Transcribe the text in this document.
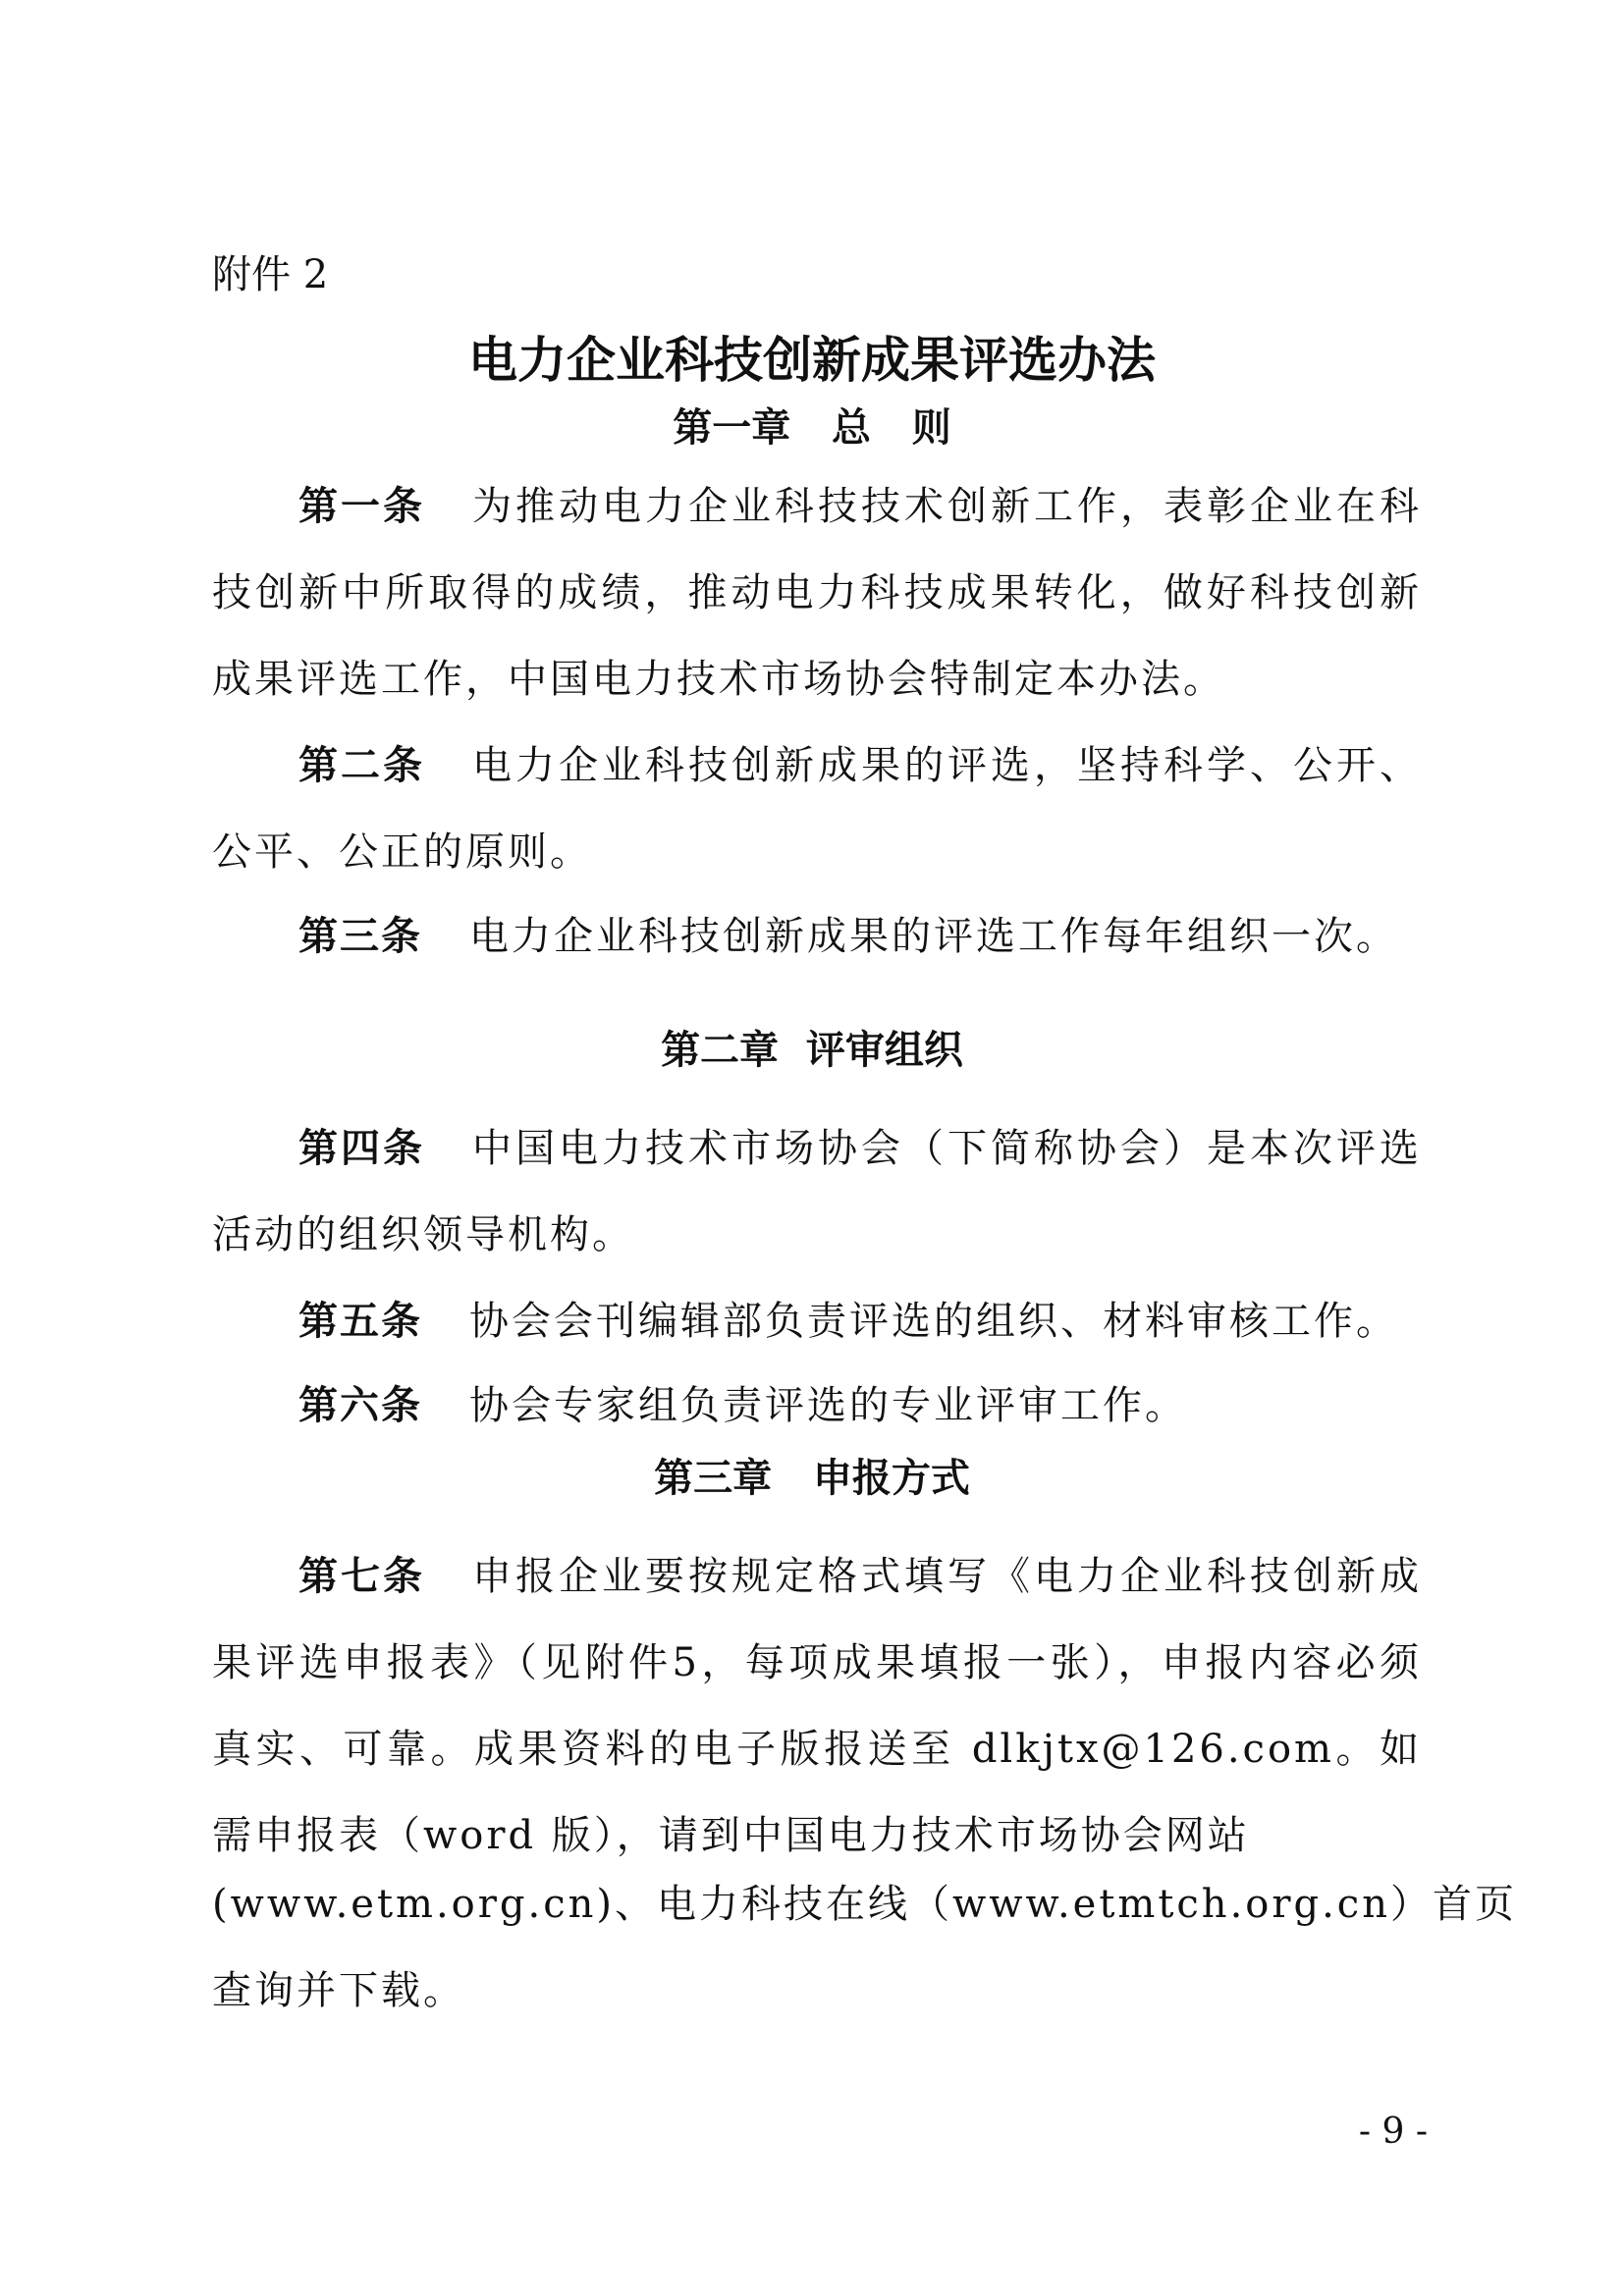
附件 2
电力企业科技创新成果评选办法
第一章   总   则

第一条 为推动电力企业科技技术创新工作，表彰企业在科技创新中所取得的成绩，推动电力科技成果转化，做好科技创新成果评选工作，中国电力技术市场协会特制定本办法。

第二条 电力企业科技创新成果的评选，坚持科学、公开、公平、公正的原则。

第三条 电力企业科技创新成果的评选工作每年组织一次。

第二章  评审组织

第四条 中国电力技术市场协会（下简称协会）是本次评选活动的组织领导机构。

第五条 协会会刊编辑部负责评选的组织、材料审核工作。

第六条 协会专家组负责评选的专业评审工作。

第三章   申报方式

第七条 申报企业要按规定格式填写《电力企业科技创新成果评选申报表》（见附件5，每项成果填报一张），申报内容必须真实、可靠。成果资料的电子版报送至 dlkjtx@126.com。如需申报表（word 版），请到中国电力技术市场协会网站

(www.etm.org.cn)、电力科技在线（www.etmtch.org.cn）首页

查询并下载。

- 9 -
